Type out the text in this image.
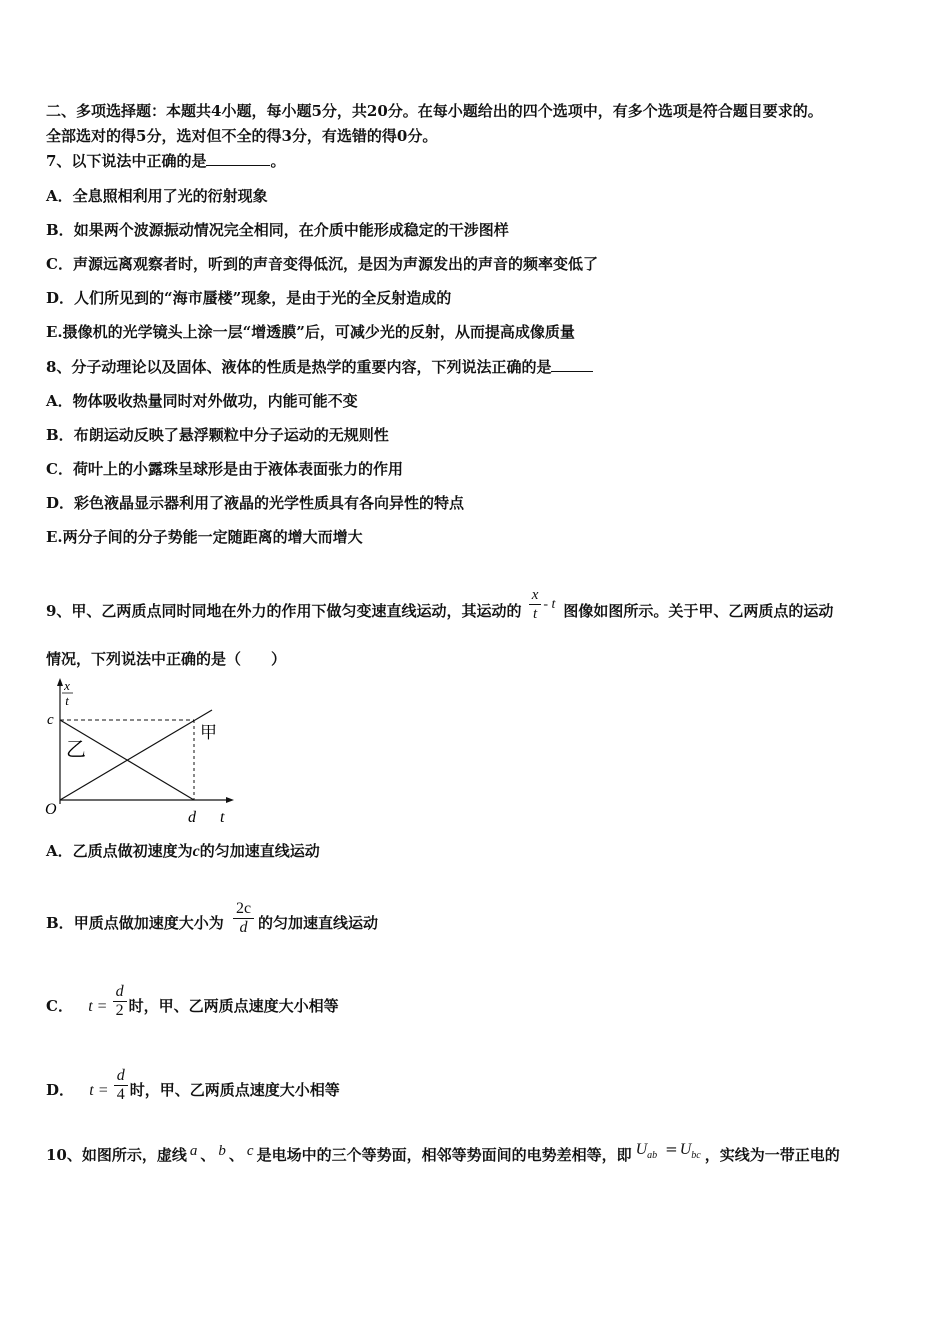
二、多项选择题：本题共4小题，每小题5分，共20分。在每小题给出的四个选项中，有多个选项是符合题目要求的。
全部选对的得5分，选对但不全的得3分，有选错的得0分。
7、以下说法中正确的是	。
A．全息照相利用了光的衍射现象
B．如果两个波源振动情况完全相同，在介质中能形成稳定的干涉图样
C．声源远离观察者时，听到的声音变得低沉，是因为声源发出的声音的频率变低了
D．人们所见到的“海市蜃楼”现象，是由于光的全反射造成的
E.摄像机的光学镜头上涂一层“增透膜”后，可减少光的反射，从而提高成像质量
8、分子动理论以及固体、液体的性质是热学的重要内容，下列说法正确的是
A．物体吸收热量同时对外做功，内能可能不变
B．布朗运动反映了悬浮颗粒中分子运动的无规则性
C．荷叶上的小露珠呈球形是由于液体表面张力的作用
D．彩色液晶显示器利用了液晶的光学性质具有各向异性的特点
E.两分子间的分子势能一定随距离的增大而增大
9、甲、乙两质点同时同地在外力的作用下做匀变速直线运动，其运动的 $\frac{x}{t}$ - t 图像如图所示。关于甲、乙两质点的运动
情况，下列说法中正确的是（　　）
x
t
c
O	d t
甲
乙
A．乙质点做初速度为c的匀加速直线运动
B．甲质点做加速度大小为 $\frac{2c}{d}$ 的匀加速直线运动
C． $t = \frac{d}{2}$ 时，甲、乙两质点速度大小相等
D． $t = \frac{d}{4}$ 时，甲、乙两质点速度大小相等
10、如图所示，虚线 a 、 b 、 c 是电场中的三个等势面，相邻等势面间的电势差相等，即 $U_{ab} = U_{bc}$ ，实线为一带正电的
